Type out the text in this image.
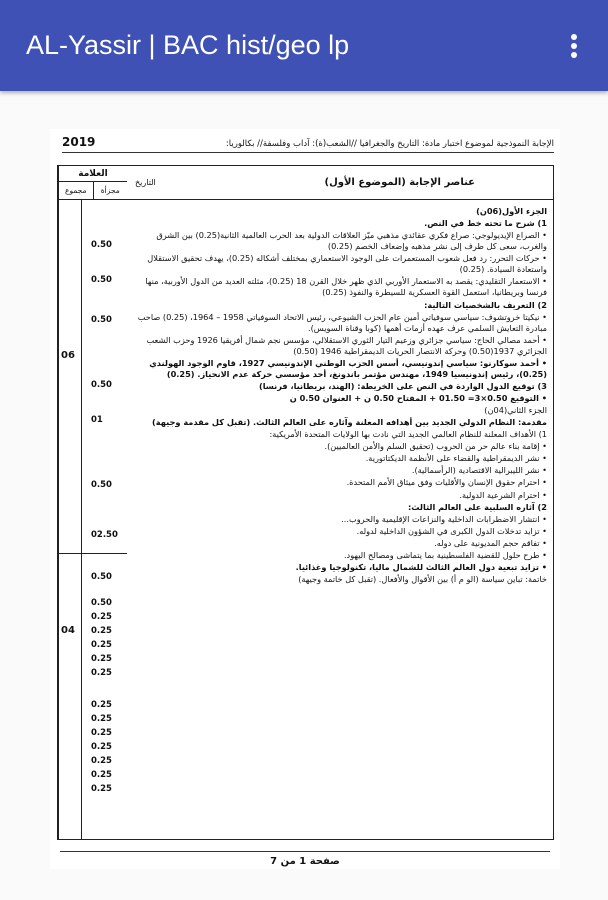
AL-Yassir | BAC hist/geo lp
الإجابة النموذجية لموضوع اختبار مادة: التاريخ والجغرافيا //الشعب(ة): آداب وفلسفة// بكالوريا:
2019
العلامة
مجموع	مجزأة
0.50
0.50
0.50
0.50
01
0.50
02.50
0.50
0.50
0.25
0.25
0.25
0.25
0.25
0.25
0.25
0.25
0.25
0.25
0.25
0.25
06
04
عناصر الإجابة (الموضوع الأول)
التاريخ

الجزء الأول(06ن)

1) شرح ما تحته خط في النص.

• الصراع الإيديولوجي: صراع فكري عقائدي مذهبي ميّز العلاقات الدولية بعد الحرب العالمية الثانية(0.25) بين الشرق والغرب، سعى كل طرف إلى نشر مذهبه وإضعاف الخصم (0.25)

• حركات التحرر: رد فعل شعوب المستعمرات على الوجود الاستعماري بمختلف أشكاله (0.25)، يهدف تحقيق الاستقلال واستعادة السيادة. (0.25)

• الاستعمار التقليدي: يقصد به الاستعمار الأوربي الذي ظهر خلال القرن 18 (0.25)، مثلته العديد من الدول الأوربية، منها فرنسا وبريطانيا، استعمل القوة العسكرية للسيطرة والنفوذ (0.25)

2) التعريف بالشخصيات التالية:

• نيكيتا خروتشوف: سياسي سوفياتي أمين عام الحزب الشيوعي، رئيس الاتحاد السوفياتي 1958 – 1964، (0.25) صاحب مبادرة التعايش السلمي عرف عهده أزمات أهمها (كوبا وقناة السويس).

• أحمد مصالي الحاج: سياسي جزائري وزعيم التيار الثوري الاستقلالي، مؤسس نجم شمال أفريقيا 1926 وحزب الشعب الجزائري 1937(0.50) وحركة الانتصار الحريات الديمقراطية 1946 (0.50)

• أحمد سوكارنو: سياسي إندونيسي، أسس الحزب الوطني الإندونيسي 1927، قاوم الوجود الهولندي (0.25)، رئيس إندونيسيا 1949، مهندس مؤتمر باندونغ، أحد مؤسسي حركة عدم الانحياز. (0.25)

3) توقيع الدول الواردة في النص على الخريطة: (الهند، بريطانيا، فرنسا)

• التوقيع 0.50×3= 01.50 + المفتاح 0.50 ن + العنوان 0.50 ن

الجزء الثاني(04ن)

مقدمة: النظام الدولي الجديد بين أهدافه المعلنة وآثاره على العالم الثالث. (تقبل كل مقدمة وجيهة)

1) الأهداف المعلنة للنظام العالمي الجديد التي نادت بها الولايات المتحدة الأمريكية:

• إقامة بناء عالم حر من الحروب (تحقيق السلم والأمن العالميين).

• نشر الديمقراطية والقضاء على الأنظمة الديكتاتورية.

• نشر الليبرالية الاقتصادية (الرأسمالية).

• احترام حقوق الإنسان والأقليات وفق ميثاق الأمم المتحدة.

• احترام الشرعية الدولية.

2) آثاره السلبية على العالم الثالث:

• انتشار الاضطرابات الداخلية والنزاعات الإقليمية والحروب...

• تزايد تدخلات الدول الكبرى في الشؤون الداخلية لدوله.

• تفاقم حجم المديونية على دوله.

• طرح حلول للقضية الفلسطينية بما يتماشى ومصالح اليهود.

• تزايد تبعية دول العالم الثالث للشمال ماليا، تكنولوجيا وغذائيا.

خاتمة: تباين سياسة (الو م أ) بين الأقوال والأفعال. (تقبل كل خاتمة وجيهة)

صفحة 1 من 7
